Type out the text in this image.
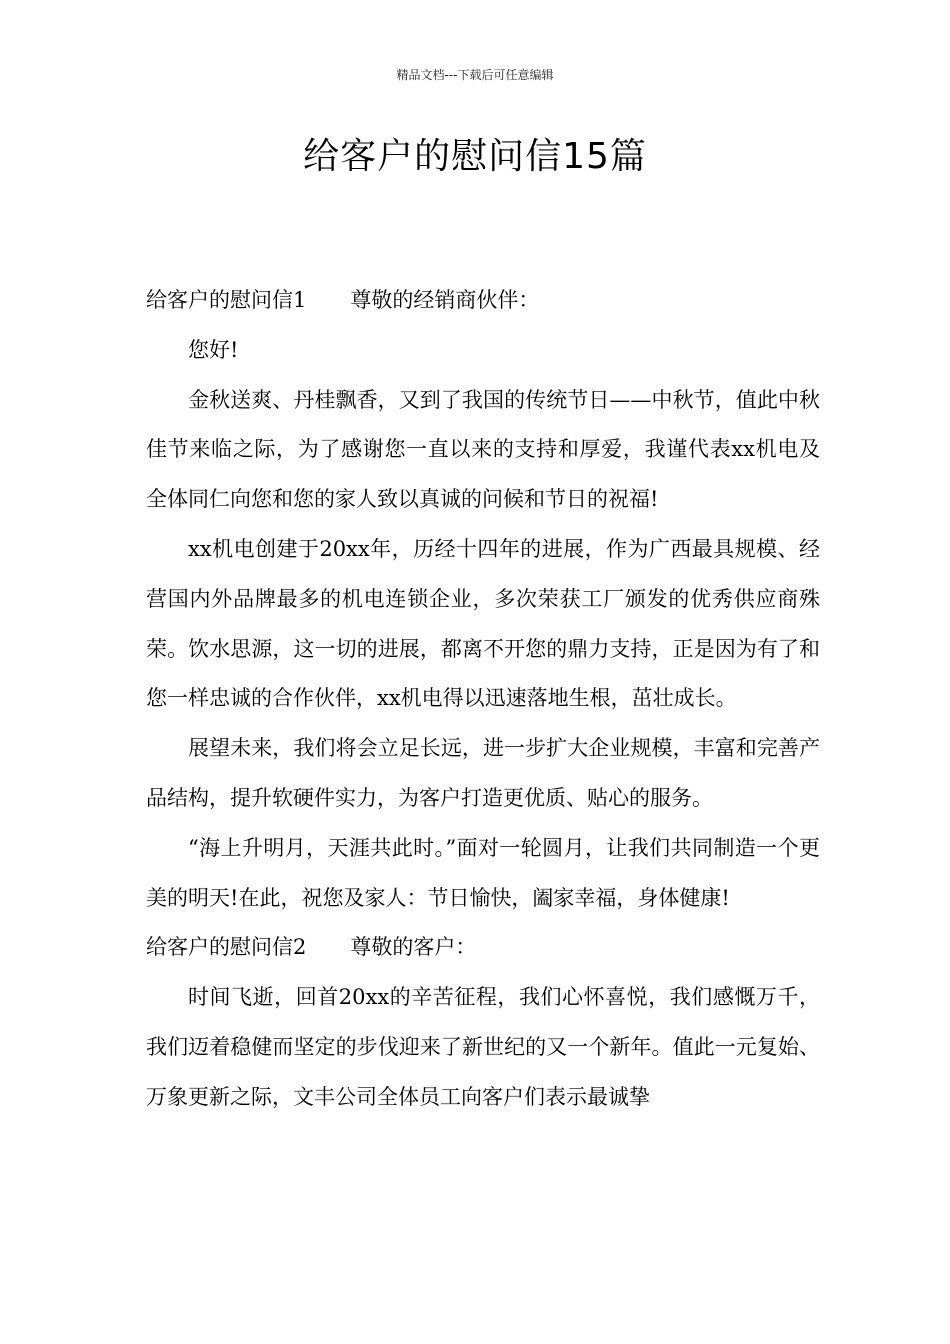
精品文档---下载后可任意编辑
给客户的慰问信15篇

给客户的慰问信1 尊敬的经销商伙伴：

您好!

金秋送爽、丹桂飘香，又到了我国的传统节日——中秋节，值此中秋佳节来临之际，为了感谢您一直以来的支持和厚爱，我谨代表xx机电及全体同仁向您和您的家人致以真诚的问候和节日的祝福!

xx机电创建于20xx年，历经十四年的进展，作为广西最具规模、经营国内外品牌最多的机电连锁企业，多次荣获工厂颁发的优秀供应商殊荣。饮水思源，这一切的进展，都离不开您的鼎力支持，正是因为有了和您一样忠诚的合作伙伴，xx机电得以迅速落地生根，茁壮成长。

展望未来，我们将会立足长远，进一步扩大企业规模，丰富和完善产品结构，提升软硬件实力，为客户打造更优质、贴心的服务。

“海上升明月，天涯共此时。”面对一轮圆月，让我们共同制造一个更美的明天!在此，祝您及家人：节日愉快，阖家幸福，身体健康!

给客户的慰问信2 尊敬的客户：

时间飞逝，回首20xx的辛苦征程，我们心怀喜悦，我们感慨万千，我们迈着稳健而坚定的步伐迎来了新世纪的又一个新年。值此一元复始、万象更新之际，文丰公司全体员工向客户们表示最诚挚
